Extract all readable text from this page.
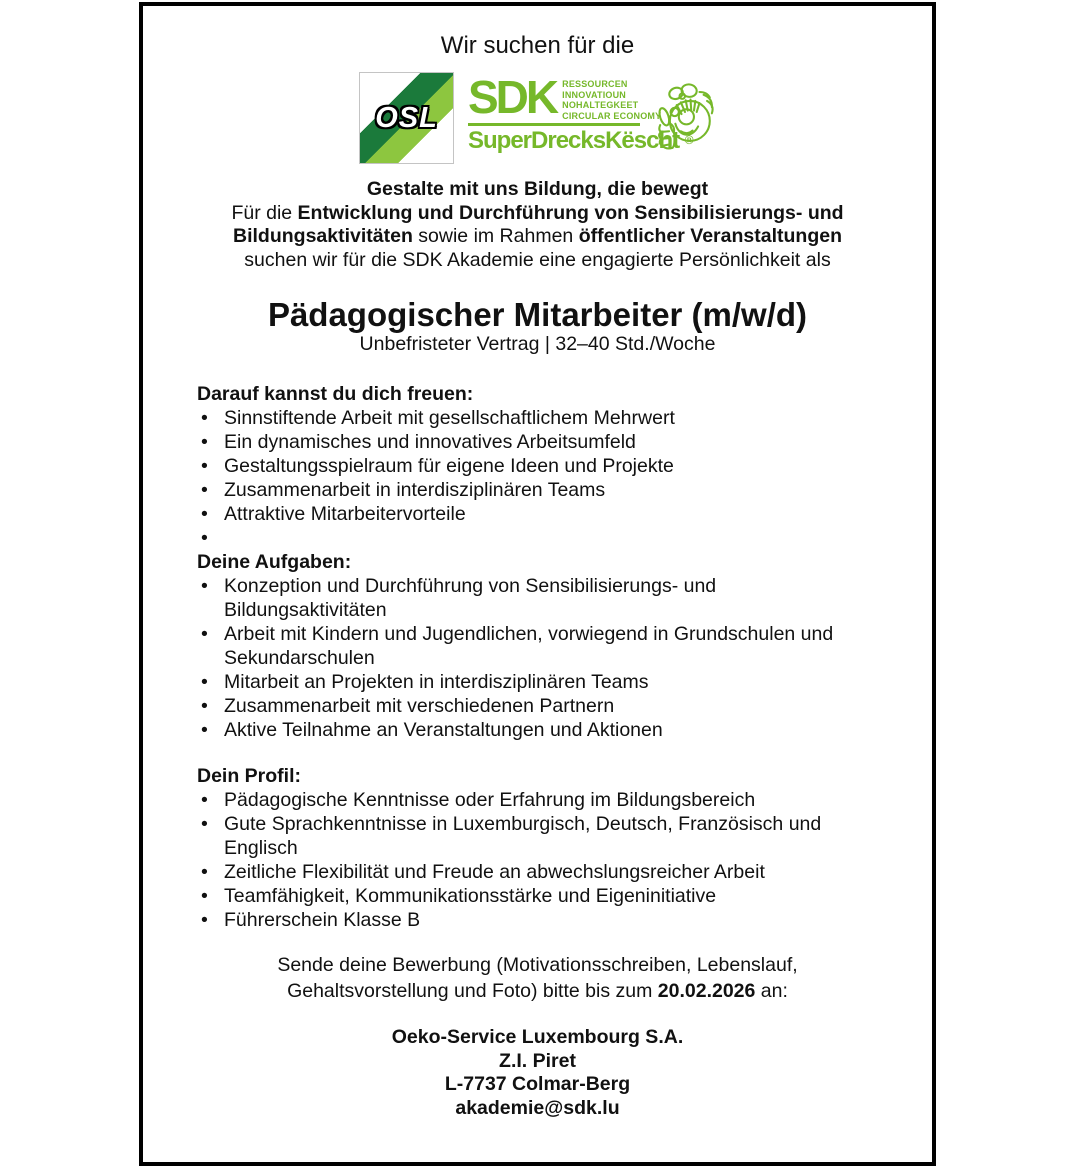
Wir suchen für die
OSL SDK RESSOURCEN
INNOVATIOUN
NOHALTEGKEET
CIRCULAR ECONOMY
SuperDrecksKëscht ®
Gestalte mit uns Bildung, die bewegt
Für die Entwicklung und Durchführung von Sensibilisierungs- und
Bildungsaktivitäten sowie im Rahmen öffentlicher Veranstaltungen
suchen wir für die SDK Akademie eine engagierte Persönlichkeit als
Pädagogischer Mitarbeiter (m/w/d)
Unbefristeter Vertrag | 32–40 Std./Woche
Darauf kannst du dich freuen:
• Sinnstiftende Arbeit mit gesellschaftlichem Mehrwert
• Ein dynamisches und innovatives Arbeitsumfeld
• Gestaltungsspielraum für eigene Ideen und Projekte
• Zusammenarbeit in interdisziplinären Teams
• Attraktive Mitarbeitervorteile
•
Deine Aufgaben:
• Konzeption und Durchführung von Sensibilisierungs- und Bildungsaktivitäten
• Arbeit mit Kindern und Jugendlichen, vorwiegend in Grundschulen und Sekundarschulen
• Mitarbeit an Projekten in interdisziplinären Teams
• Zusammenarbeit mit verschiedenen Partnern
• Aktive Teilnahme an Veranstaltungen und Aktionen
Dein Profil:
• Pädagogische Kenntnisse oder Erfahrung im Bildungsbereich
• Gute Sprachkenntnisse in Luxemburgisch, Deutsch, Französisch und Englisch
• Zeitliche Flexibilität und Freude an abwechslungsreicher Arbeit
• Teamfähigkeit, Kommunikationsstärke und Eigeninitiative
• Führerschein Klasse B
Sende deine Bewerbung (Motivationsschreiben, Lebenslauf,
Gehaltsvorstellung und Foto) bitte bis zum 20.02.2026 an:
Oeko-Service Luxembourg S.A.
Z.I. Piret
L-7737 Colmar-Berg
akademie@sdk.lu
